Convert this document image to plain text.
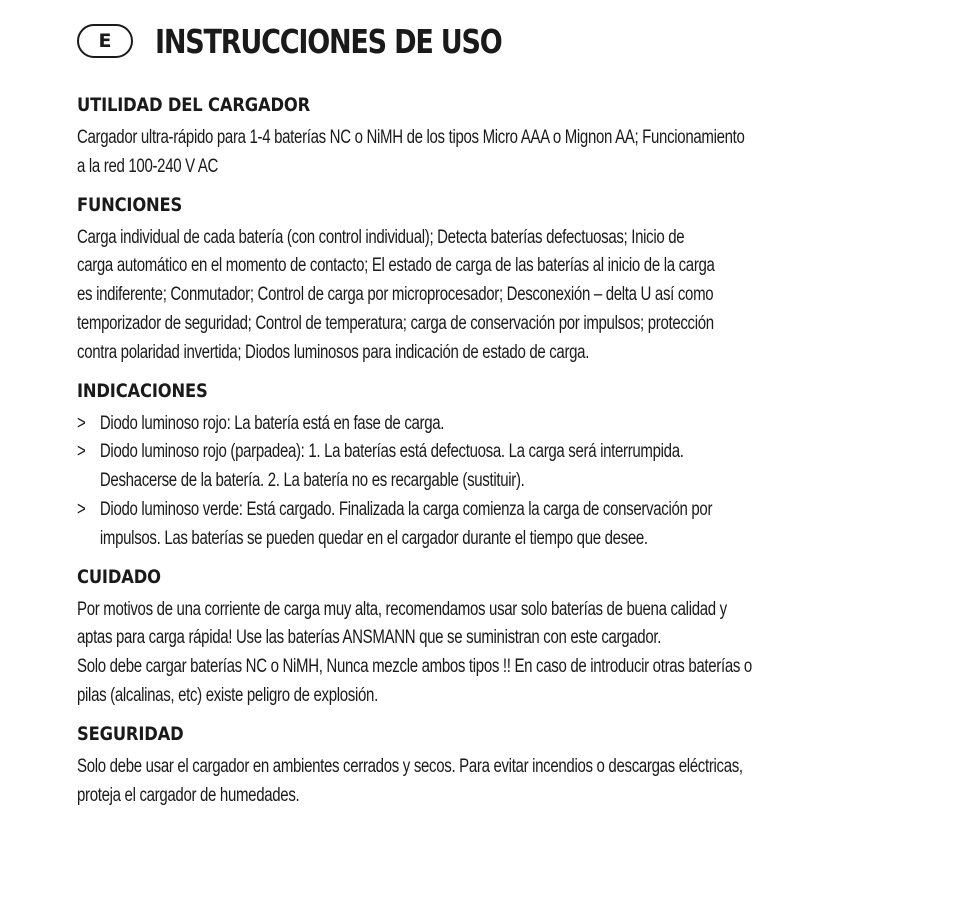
E INSTRUCCIONES DE USO
UTILIDAD DEL CARGADOR
Cargador ultra-rápido para 1-4 baterías NC o NiMH de los tipos Micro AAA o Mignon AA; Funcionamiento
a la red 100-240 V AC
FUNCIONES
Carga individual de cada batería (con control individual); Detecta baterías defectuosas; Inicio de
carga automático en el momento de contacto; El estado de carga de las baterías al inicio de la carga
es indiferente; Conmutador; Control de carga por microprocesador; Desconexión – delta U así como
temporizador de seguridad; Control de temperatura; carga de conservación por impulsos; protección
contra polaridad invertida; Diodos luminosos para indicación de estado de carga.
INDICACIONES
> Diodo luminoso rojo: La batería está en fase de carga.
> Diodo luminoso rojo (parpadea): 1. La baterías está defectuosa. La carga será interrumpida.
Deshacerse de la batería. 2. La batería no es recargable (sustituir).
> Diodo luminoso verde: Está cargado. Finalizada la carga comienza la carga de conservación por
impulsos. Las baterías se pueden quedar en el cargador durante el tiempo que desee.
CUIDADO
Por motivos de una corriente de carga muy alta, recomendamos usar solo baterías de buena calidad y
aptas para carga rápida! Use las baterías ANSMANN que se suministran con este cargador.
Solo debe cargar baterías NC o NiMH, Nunca mezcle ambos tipos !! En caso de introducir otras baterías o
pilas (alcalinas, etc) existe peligro de explosión.
SEGURIDAD
Solo debe usar el cargador en ambientes cerrados y secos. Para evitar incendios o descargas eléctricas,
proteja el cargador de humedades.
